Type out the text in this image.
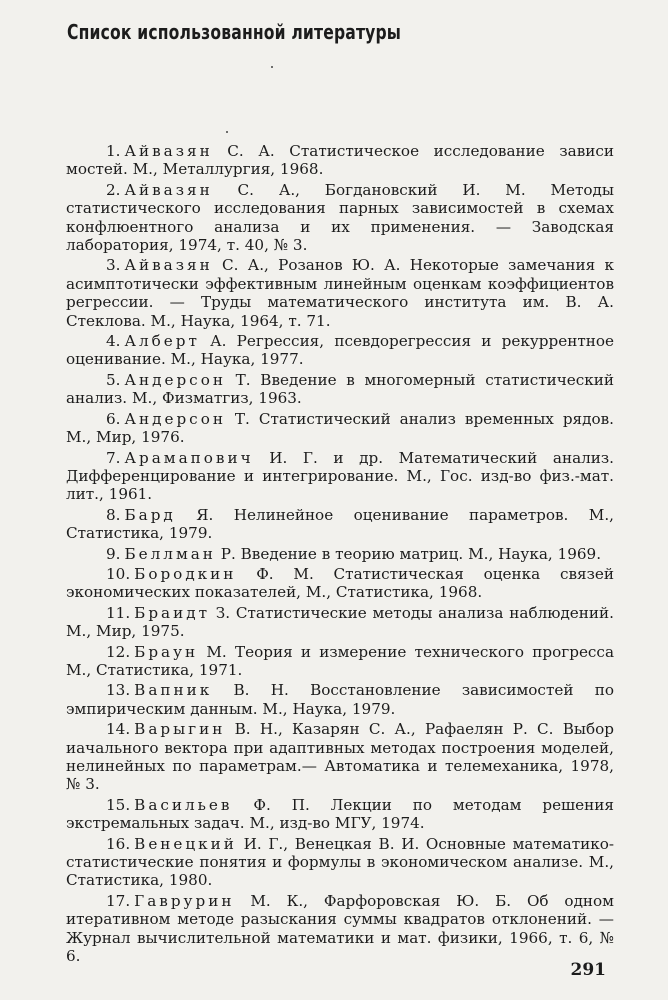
Список использованной литературы

1. Айвазян С. А. Статистическое исследование зависи мостей. М., Металлургия, 1968.

2. Айвазян С. А., Богдановский И. М. Методы статистического исследования парных зависимостей в схемах конфлюентного анализа и их применения. — Заводская лаборатория, 1974, т. 40, № 3.

3. Айвазян С. А., Розанов Ю. А. Некоторые замечания к асимптотически эффективным линейным оценкам коэффициентов регрессии. — Труды математического института им. В. А. Стеклова. М., Наука, 1964, т. 71.

4. Алберт А. Регрессия, псевдорегрессия и рекуррентное оценивание. М., Наука, 1977.

5. Андерсон Т. Введение в многомерный статистический анализ. М., Физматгиз, 1963.

6. Андерсон Т. Статистический анализ временных рядов. М., Мир, 1976.

7. Арамапович И. Г. и др. Математический анализ. Дифференцирование и интегрирование. М., Гос. изд-во физ.-мат. лит., 1961.

8. Бард Я. Нелинейное оценивание параметров. М., Статистика, 1979.

9. Беллман Р. Введение в теорию матриц. М., Наука, 1969.

10. Бородкин Ф. М. Статистическая оценка связей экономических показателей, М., Статистика, 1968.

11. Браидт З. Статистические методы анализа наблюдений. М., Мир, 1975.

12. Браун М. Теория и измерение технического прогресса М., Статистика, 1971.

13. Вапник В. Н. Восстановление зависимостей по эмпирическим данным. М., Наука, 1979.

14. Варыгин В. Н., Казарян С. А., Рафаелян Р. С. Выбор иачального вектора при адаптивных методах построения моделей, нелинейных по параметрам.— Автоматика и телемеханика, 1978, № 3.

15. Васильев Ф. П. Лекции по методам решения экстремальных задач. М., изд-во МГУ, 1974.

16. Венецкий И. Г., Венецкая В. И. Основные математико-статистические понятия и формулы в экономическом анализе. М., Статистика, 1980.

17. Гаврурин М. К., Фарфоровская Ю. Б. Об одном итеративном методе разыскания суммы квадратов отклонений. — Журнал вычислительной математики и мат. физики, 1966, т. 6, № 6.

291
